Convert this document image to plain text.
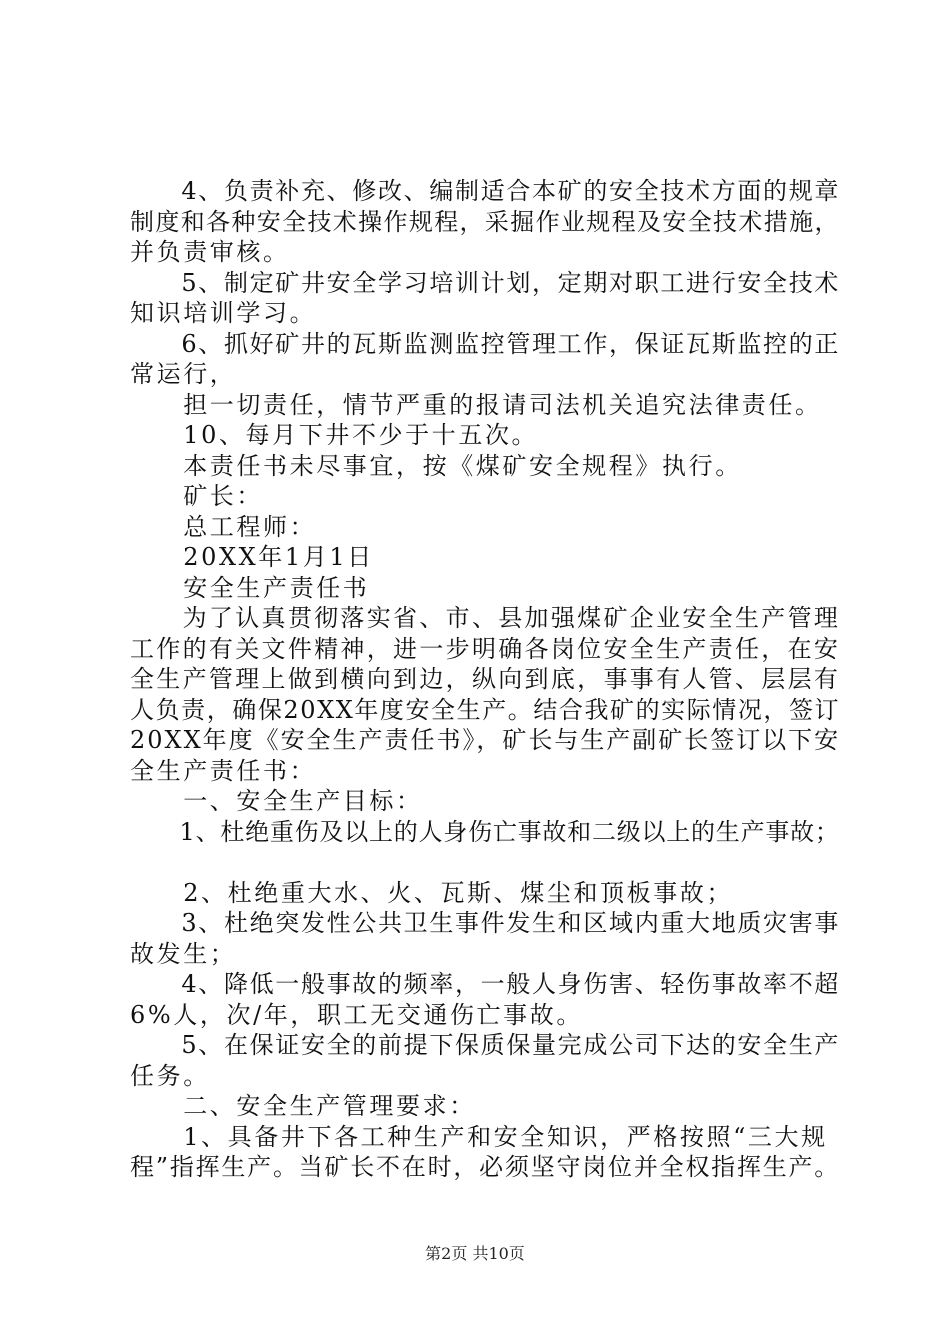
　　4、负责补充、修改、编制适合本矿的安全技术方面的规章
制度和各种安全技术操作规程，采掘作业规程及安全技术措施，
并负责审核。
　　5、制定矿井安全学习培训计划，定期对职工进行安全技术
知识培训学习。
　　6、抓好矿井的瓦斯监测监控管理工作，保证瓦斯监控的正
常运行，
　　担一切责任，情节严重的报请司法机关追究法律责任。
　　10、每月下井不少于十五次。
　　本责任书未尽事宜，按《煤矿安全规程》执行。
　　矿长：
　　总工程师：
　　20XX年1月1日
　　安全生产责任书
　　为了认真贯彻落实省、市、县加强煤矿企业安全生产管理
工作的有关文件精神，进一步明确各岗位安全生产责任，在安
全生产管理上做到横向到边，纵向到底，事事有人管、层层有
人负责，确保20XX年度安全生产。结合我矿的实际情况，签订
20XX年度《安全生产责任书》，矿长与生产副矿长签订以下安
全生产责任书：
　　一、安全生产目标：
　　1、杜绝重伤及以上的人身伤亡事故和二级以上的生产事故；
　　2、杜绝重大水、火、瓦斯、煤尘和顶板事故；
　　3、杜绝突发性公共卫生事件发生和区域内重大地质灾害事
故发生；
　　4、降低一般事故的频率，一般人身伤害、轻伤事故率不超
6%人，次/年，职工无交通伤亡事故。
　　5、在保证安全的前提下保质保量完成公司下达的安全生产
任务。
　　二、安全生产管理要求：
　　1、具备井下各工种生产和安全知识，严格按照“三大规
程”指挥生产。当矿长不在时，必须坚守岗位并全权指挥生产。
第2页 共10页
